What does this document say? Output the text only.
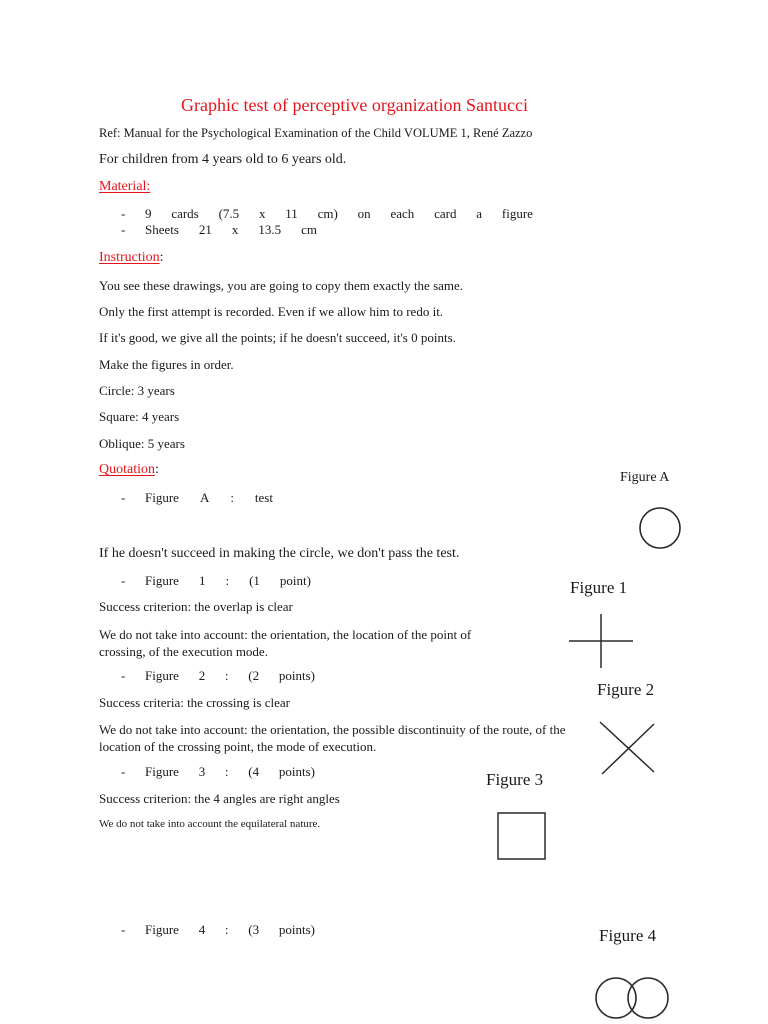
Graphic test of perceptive organization Santucci
Ref: Manual for the Psychological Examination of the Child VOLUME 1, René Zazzo
For children from 4 years old to 6 years old.
Material:
- 9 cards (7.5 x 11 cm) on each card a figure
- Sheets 21 x 13.5 cm
Instruction:
You see these drawings, you are going to copy them exactly the same.
Only the first attempt is recorded. Even if we allow him to redo it.
If it's good, we give all the points; if he doesn't succeed, it's 0 points.
Make the figures in order.
Circle: 3 years
Square: 4 years
Oblique: 5 years
Quotation:
- Figure A : test
If he doesn't succeed in making the circle, we don't pass the test.
- Figure 1 : (1 point)
Success criterion: the overlap is clear
We do not take into account: the orientation, the location of the point of crossing, of the execution mode.
- Figure 2 : (2 points)
Success criteria: the crossing is clear
We do not take into account: the orientation, the possible discontinuity of the route, of the location of the crossing point, the mode of execution.
- Figure 3 : (4 points)
Success criterion: the 4 angles are right angles
We do not take into account the equilateral nature.
- Figure 4 : (3 points)
Figure A
Figure 1
Figure 2
Figure 3
Figure 4
